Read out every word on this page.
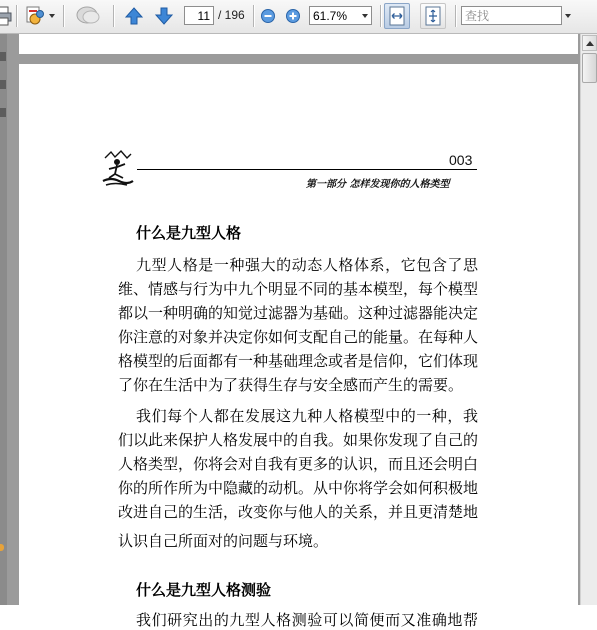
11 / 196	61.7%	查找
003
第一部分 怎样发现你的人格类型
什么是九型人格
九型人格是一种强大的动态人格体系，它包含了思
维、情感与行为中九个明显不同的基本模型，每个模型
都以一种明确的知觉过滤器为基础。这种过滤器能决定
你注意的对象并决定你如何支配自己的能量。在每种人
格模型的后面都有一种基础理念或者是信仰，它们体现
了你在生活中为了获得生存与安全感而产生的需要。
我们每个人都在发展这九种人格模型中的一种，我
们以此来保护人格发展中的自我。如果你发现了自己的
人格类型，你将会对自我有更多的认识，而且还会明白
你的所作所为中隐藏的动机。从中你将学会如何积极地
改进自己的生活，改变你与他人的关系，并且更清楚地
认识自己所面对的问题与环境。
什么是九型人格测验
我们研究出的九型人格测验可以简便而又准确地帮
